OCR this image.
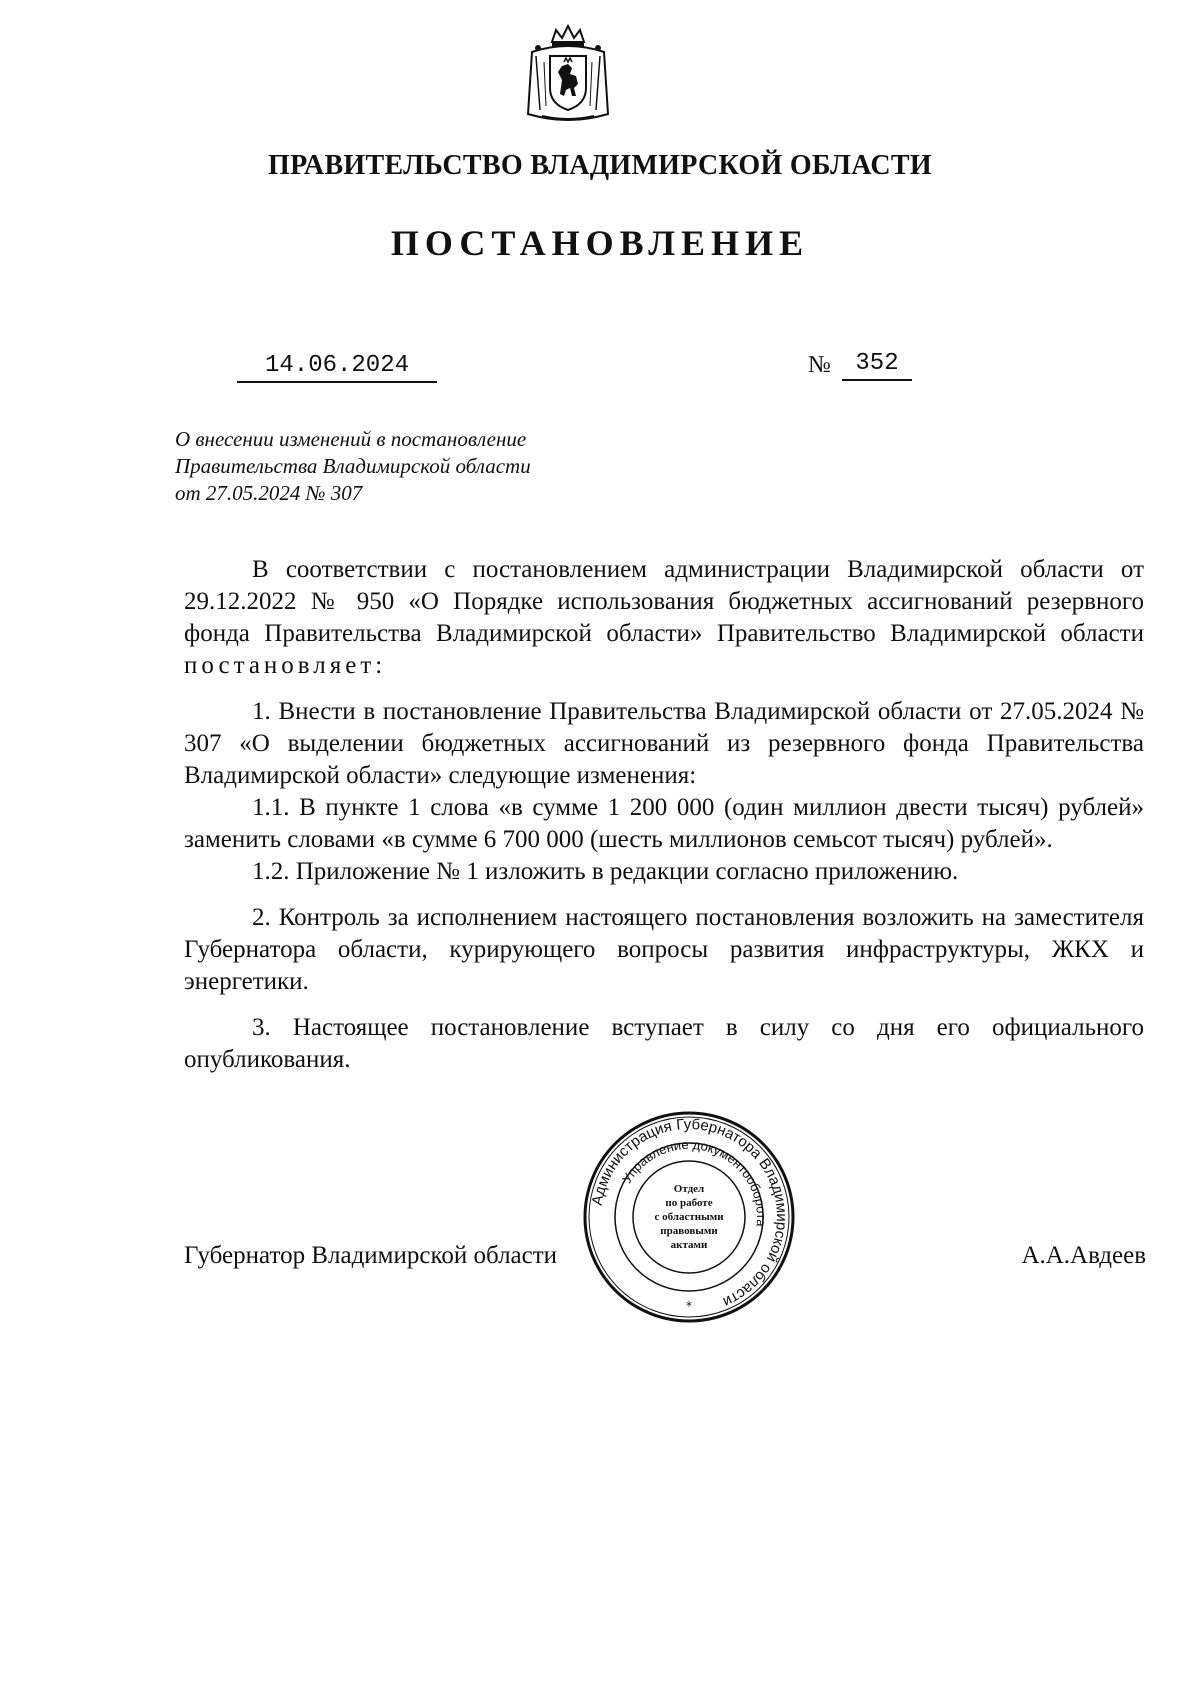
ПРАВИТЕЛЬСТВО ВЛАДИМИРСКОЙ ОБЛАСТИ
ПОСТАНОВЛЕНИЕ
14.06.2024	№	352
О внесении изменений в постановление
Правительства Владимирской области
от 27.05.2024 № 307

В соответствии с постановлением администрации Владимирской области от 29.12.2022 № 950 «О Порядке использования бюджетных ассигнований резервного фонда Правительства Владимирской области» Правительство Владимирской области постановляет:

1. Внести в постановление Правительства Владимирской области от 27.05.2024 № 307 «О выделении бюджетных ассигнований из резервного фонда Правительства Владимирской области» следующие изменения:

1.1. В пункте 1 слова «в сумме 1 200 000 (один миллион двести тысяч) рублей» заменить словами «в сумме 6 700 000 (шесть миллионов семьсот тысяч) рублей».

1.2. Приложение № 1 изложить в редакции согласно приложению.

2. Контроль за исполнением настоящего постановления возложить на заместителя Губернатора области, курирующего вопросы развития инфраструктуры, ЖКХ и энергетики.

3. Настоящее постановление вступает в силу со дня его официального опубликования.

Губернатор Владимирской области	А.А.Авдеев
Администрация Губернатора Владимирской области
Управление документооборота
Отдел
по работе
с областными
правовыми
актами
*
